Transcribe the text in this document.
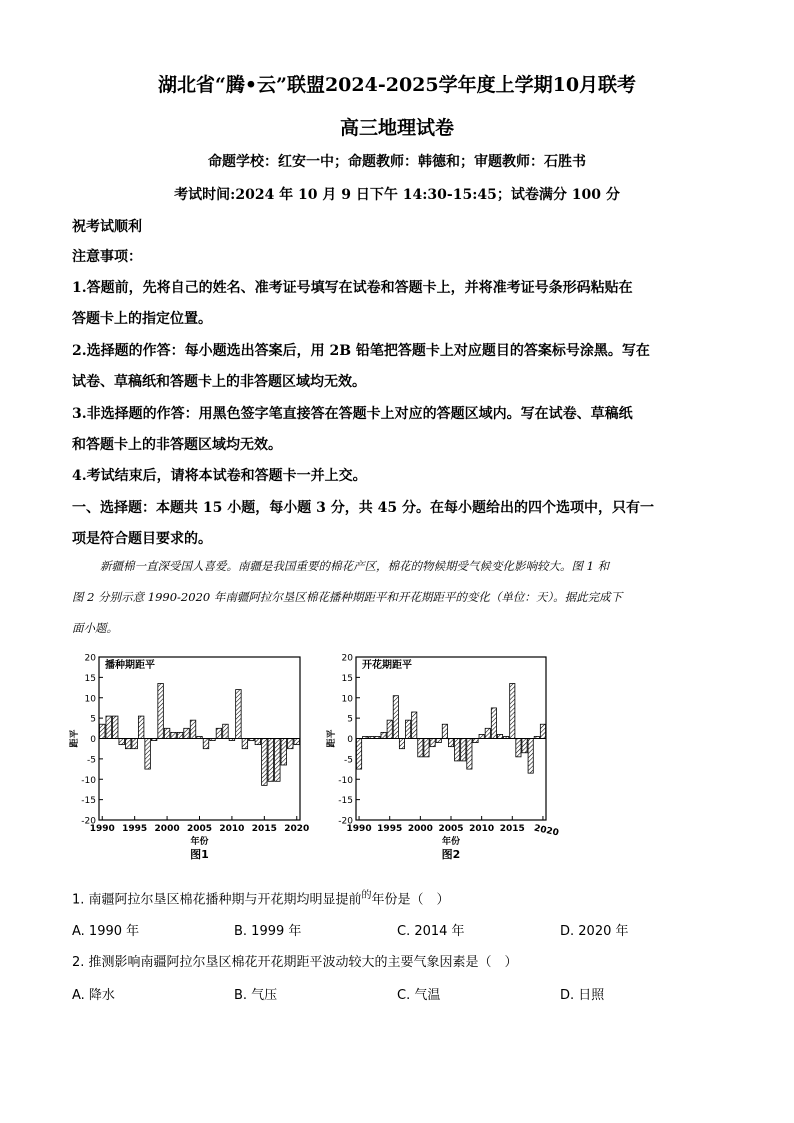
湖北省“腾•云”联盟2024-2025学年度上学期10月联考
高三地理试卷
命题学校：红安一中；命题教师：韩德和；审题教师：石胜书
考试时间:2024 年 10 月 9 日下午 14:30-15:45；试卷满分 100 分
祝考试顺利
注意事项：
1.答题前，先将自己的姓名、准考证号填写在试卷和答题卡上，并将准考证号条形码粘贴在
答题卡上的指定位置。
2.选择题的作答：每小题选出答案后，用 2B 铅笔把答题卡上对应题目的答案标号涂黑。写在
试卷、草稿纸和答题卡上的非答题区域均无效。
3.非选择题的作答：用黑色签字笔直接答在答题卡上对应的答题区域内。写在试卷、草稿纸
和答题卡上的非答题区域均无效。
4.考试结束后，请将本试卷和答题卡一并上交。
一、选择题：本题共 15 小题，每小题 3 分，共 45 分。在每小题给出的四个选项中，只有一
项是符合题目要求的。
新疆棉一直深受国人喜爱。南疆是我国重要的棉花产区，棉花的物候期受气候变化影响较大。图 1 和
图 2 分别示意 1990-2020 年南疆阿拉尔垦区棉花播种期距平和开花期距平的变化（单位：天）。据此完成下
面小题。
-20
-15
-10
-5
0
5
10
15
20
1990 1995 2000 2005 2010 2015 2020
播种期距平
距平
年份
图1
-20
-15
-10
-5
0
5
10
15
20
1990 1995 2000 2005 2010 2015 2020
开花期距平
距平
年份
图2
1. 南疆阿拉尔垦区棉花播种期与开花期均明显提前$^的$年份是（　）
A. 1990 年	B. 1999 年	C. 2014 年	D. 2020 年
2. 推测影响南疆阿拉尔垦区棉花开花期距平波动较大的主要气象因素是（　）
A. 降水	B. 气压	C. 气温	D. 日照
